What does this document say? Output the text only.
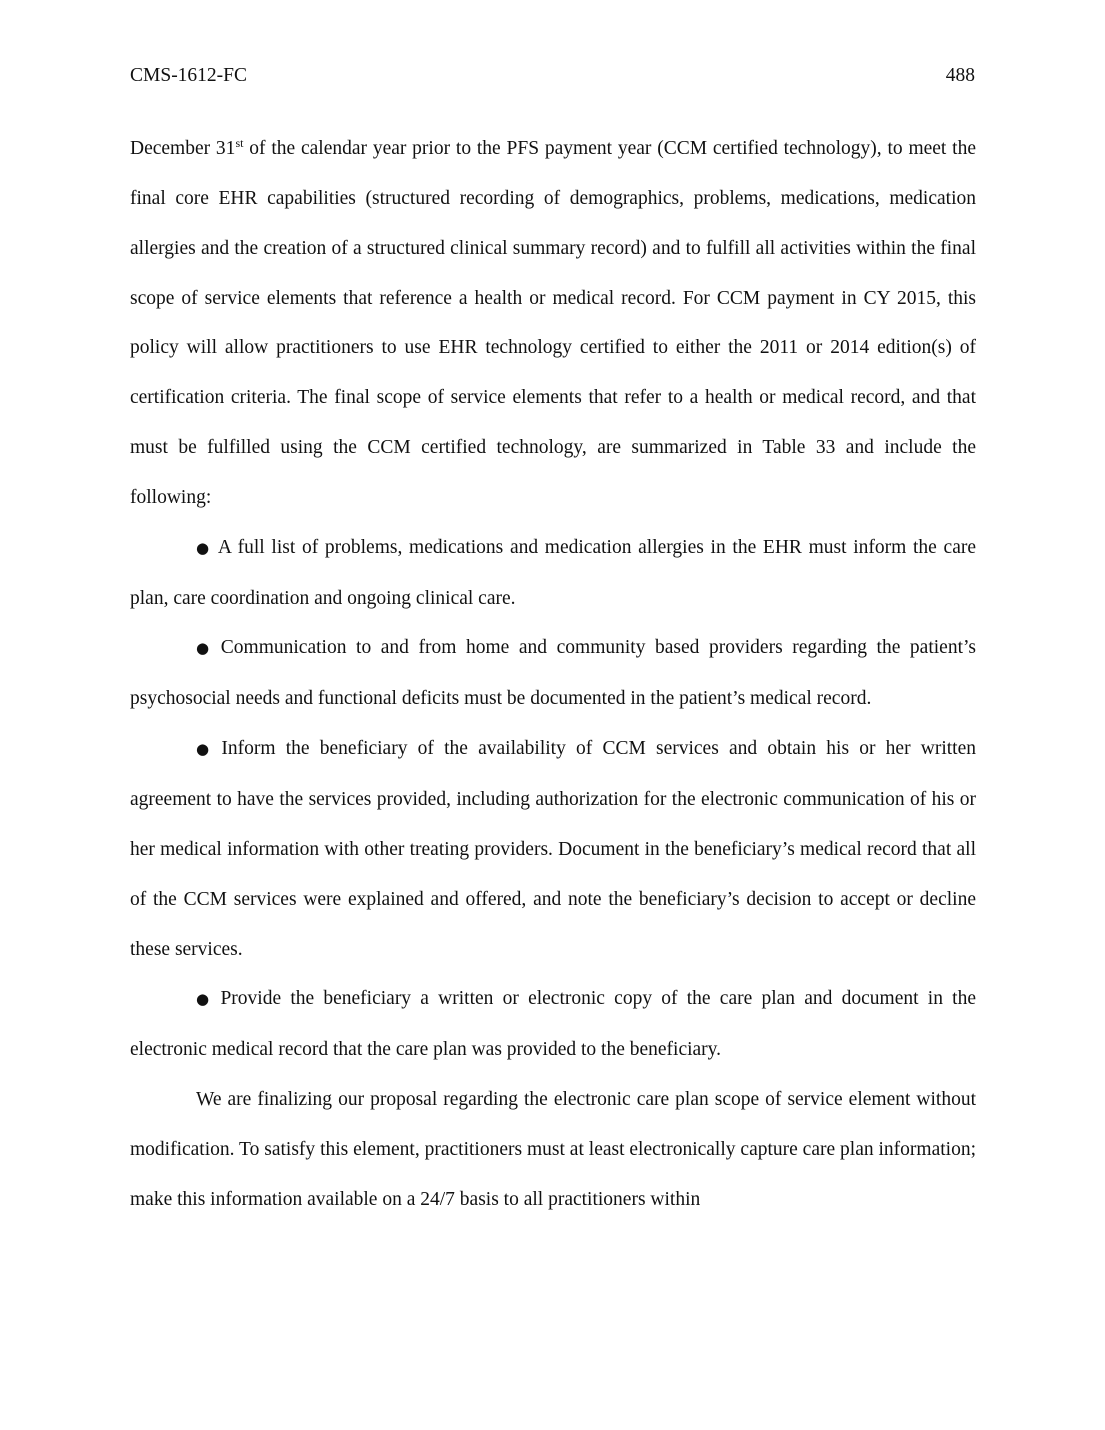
CMS-1612-FC	488

December 31st of the calendar year prior to the PFS payment year (CCM certified technology), to meet the final core EHR capabilities (structured recording of demographics, problems, medications, medication allergies and the creation of a structured clinical summary record) and to fulfill all activities within the final scope of service elements that reference a health or medical record. For CCM payment in CY 2015, this policy will allow practitioners to use EHR technology certified to either the 2011 or 2014 edition(s) of certification criteria. The final scope of service elements that refer to a health or medical record, and that must be fulfilled using the CCM certified technology, are summarized in Table 33 and include the following:

● A full list of problems, medications and medication allergies in the EHR must inform the care plan, care coordination and ongoing clinical care.

● Communication to and from home and community based providers regarding the patient’s psychosocial needs and functional deficits must be documented in the patient’s medical record.

● Inform the beneficiary of the availability of CCM services and obtain his or her written agreement to have the services provided, including authorization for the electronic communication of his or her medical information with other treating providers. Document in the beneficiary’s medical record that all of the CCM services were explained and offered, and note the beneficiary’s decision to accept or decline these services.

● Provide the beneficiary a written or electronic copy of the care plan and document in the electronic medical record that the care plan was provided to the beneficiary.

We are finalizing our proposal regarding the electronic care plan scope of service element without modification. To satisfy this element, practitioners must at least electronically capture care plan information; make this information available on a 24/7 basis to all practitioners within
